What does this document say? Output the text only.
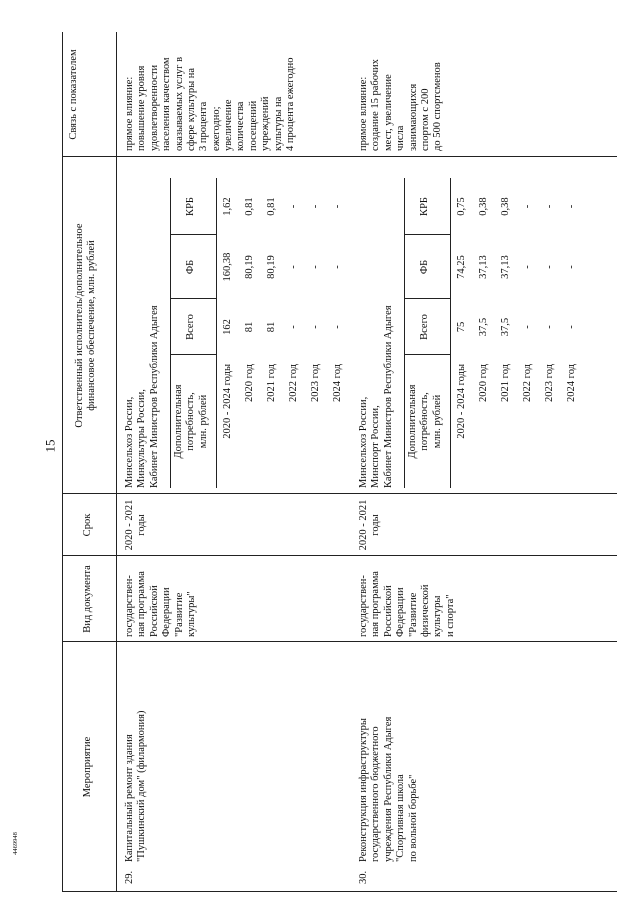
15
4469948
Мероприятие
Вид документа
Срок
Ответственный исполнитель/дополнительное
финансовое обеспечение, млн. рублей
Связь с показателем
29.
Капитальный ремонт здания
"Пушкинский дом" (филармония)
государствен-
ная программа
Российской
Федерации
"Развитие
культуры"
2020 - 2021
годы
Минсельхоз России,
Минкультуры России,
Кабинет Министров Республики Адыгея
Дополнительная
потребность,
млн. рублей
Всего
ФБ
КРБ
2020 - 2024 годы
162
160,38
1,62
2020 год
81
80,19
0,81
2021 год
81
80,19
0,81
2022 год
-
-
-
2023 год
-
-
-
2024 год
-
-
-
прямое влияние:
повышение уровня
удовлетворенности
населения качеством
оказываемых услуг в
сфере культуры на
3 процента
ежегодно;
увеличение
количества
посещений
учреждений
культуры на
4 процента ежегодно
30.
Реконструкция инфраструктуры
государственного бюджетного
учреждения Республики Адыгея
"Спортивная школа
по вольной борьбе"
государствен-
ная программа
Российской
Федерации
"Развитие
физической
культуры
и спорта"
2020 - 2021
годы
Минсельхоз России,
Минспорт России,
Кабинет Министров Республики Адыгея
Дополнительная
потребность,
млн. рублей
Всего
ФБ
КРБ
2020 - 2024 годы
75
74,25
0,75
2020 год
37,5
37,13
0,38
2021 год
37,5
37,13
0,38
2022 год
-
-
-
2023 год
-
-
-
2024 год
-
-
-
прямое влияние:
создание 15 рабочих
мест, увеличение
числа
занимающихся
спортом с 200
до 500 спортсменов
